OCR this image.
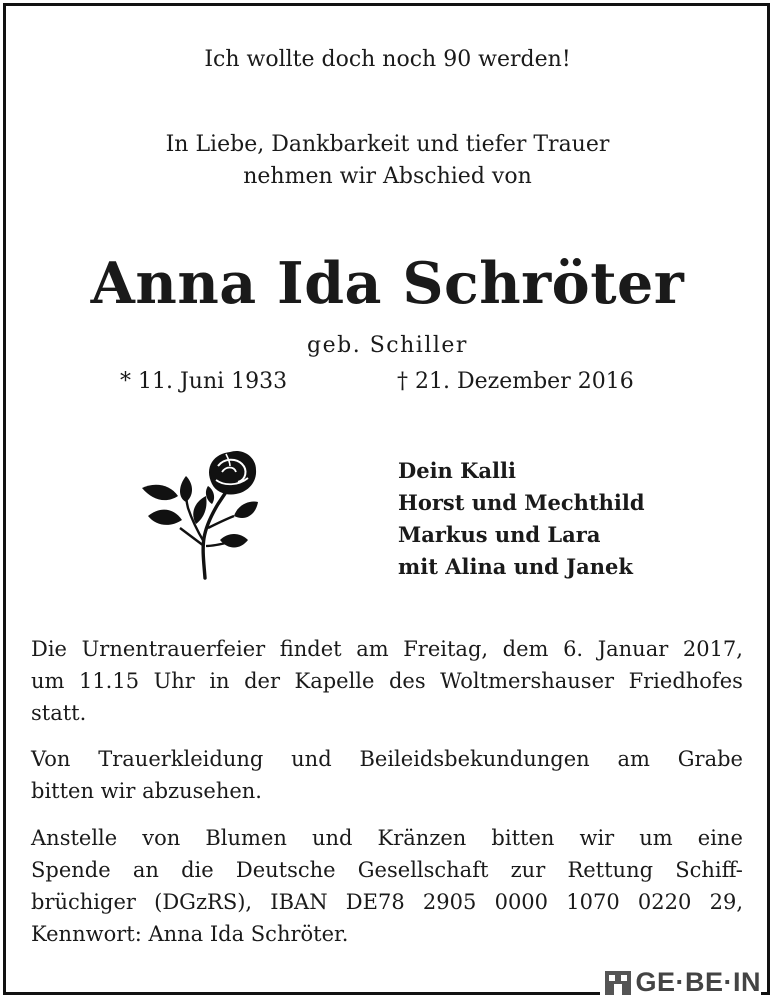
Ich wollte doch noch 90 werden!
In Liebe, Dankbarkeit und tiefer Trauer
nehmen wir Abschied von
Anna Ida Schröter
geb. Schiller
* 11. Juni 1933	† 21. Dezember 2016
Dein Kalli
Horst und Mechthild
Markus und Lara
mit Alina und Janek
Die Urnentrauerfeier findet am Freitag, dem 6. Januar 2017,
um 11.15 Uhr in der Kapelle des Woltmershauser Friedhofes
statt.
Von Trauerkleidung und Beileidsbekundungen am Grabe
bitten wir abzusehen.
Anstelle von Blumen und Kränzen bitten wir um eine
Spende an die Deutsche Gesellschaft zur Rettung Schiff-
brüchiger (DGzRS), IBAN DE78 2905 0000 1070 0220 29,
Kennwort: Anna Ida Schröter.
GE·BE·IN
